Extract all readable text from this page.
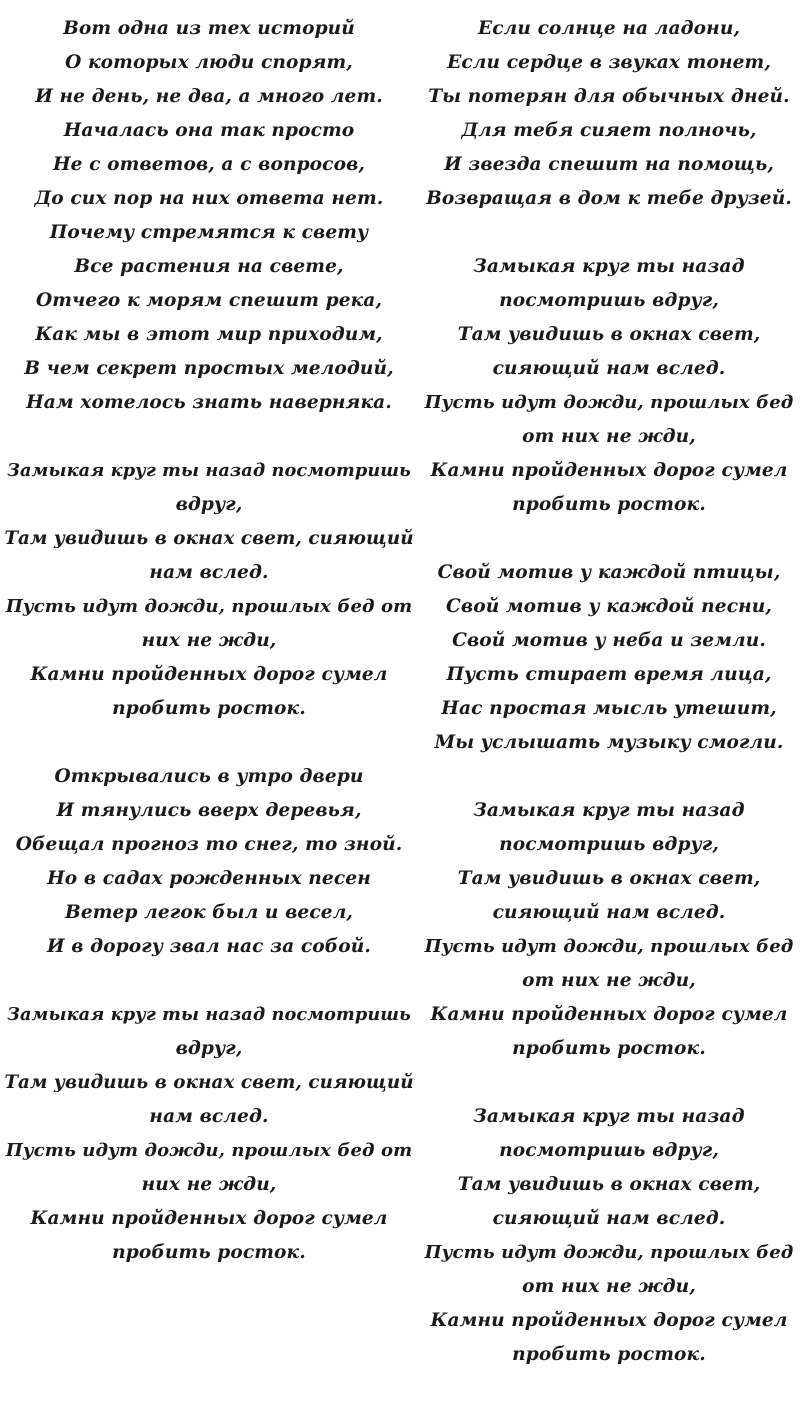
Вот одна из тех историй
О которых люди спорят,
И не день, не два, а много лет.
Началась она так просто
Не с ответов, а с вопросов,
До сих пор на них ответа нет.
Почему стремятся к свету
Все растения на свете,
Отчего к морям спешит река,
Как мы в этот мир приходим,
В чем секрет простых мелодий,
Нам хотелось знать наверняка.
Замыкая круг ты назад посмотришь
вдруг,
Там увидишь в окнах свет, сияющий
нам вслед.
Пусть идут дожди, прошлых бед от
них не жди,
Камни пройденных дорог сумел
пробить росток.
Открывались в утро двери
И тянулись вверх деревья,
Обещал прогноз то снег, то зной.
Но в садах рожденных песен
Ветер легок был и весел,
И в дорогу звал нас за собой.
Замыкая круг ты назад посмотришь
вдруг,
Там увидишь в окнах свет, сияющий
нам вслед.
Пусть идут дожди, прошлых бед от
них не жди,
Камни пройденных дорог сумел
пробить росток.
Если солнце на ладони,
Если сердце в звуках тонет,
Ты потерян для обычных дней.
Для тебя сияет полночь,
И звезда спешит на помощь,
Возвращая в дом к тебе друзей.
Замыкая круг ты назад
посмотришь вдруг,
Там увидишь в окнах свет,
сияющий нам вслед.
Пусть идут дожди, прошлых бед
от них не жди,
Камни пройденных дорог сумел
пробить росток.
Свой мотив у каждой птицы,
Свой мотив у каждой песни,
Свой мотив у неба и земли.
Пусть стирает время лица,
Нас простая мысль утешит,
Мы услышать музыку смогли.
Замыкая круг ты назад
посмотришь вдруг,
Там увидишь в окнах свет,
сияющий нам вслед.
Пусть идут дожди, прошлых бед
от них не жди,
Камни пройденных дорог сумел
пробить росток.
Замыкая круг ты назад
посмотришь вдруг,
Там увидишь в окнах свет,
сияющий нам вслед.
Пусть идут дожди, прошлых бед
от них не жди,
Камни пройденных дорог сумел
пробить росток.
